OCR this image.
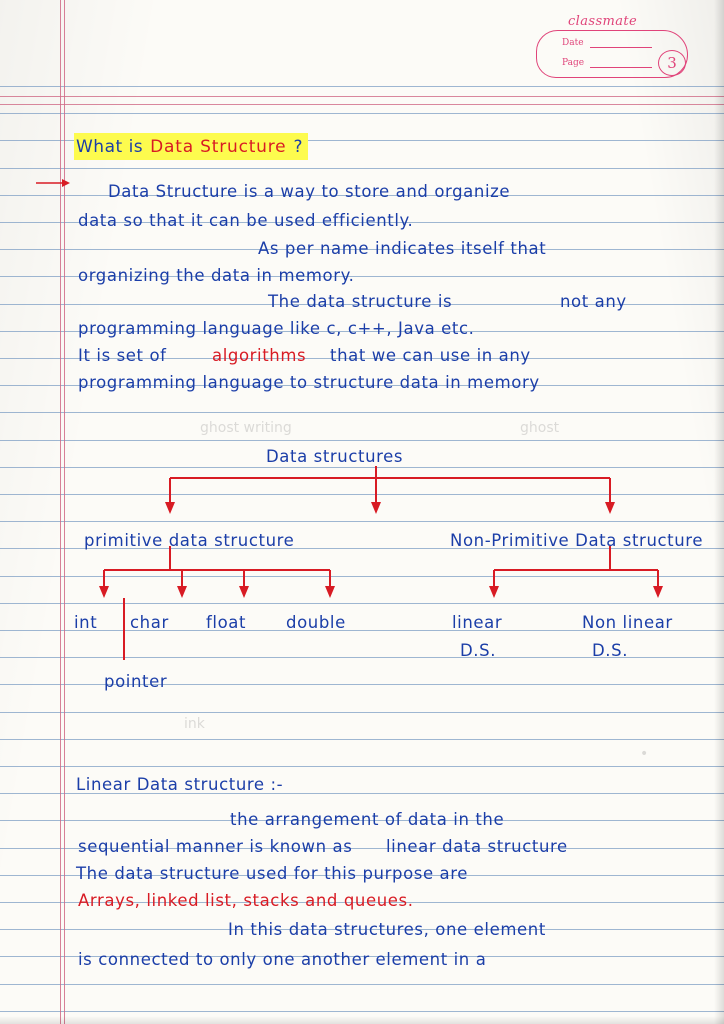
classmate
Date
Page	3
What is Data Structure ?
Data Structure is a way to store and organize
data so that it can be used efficiently.
As per name indicates itself that
organizing the data in memory.
The data structure is	not any
programming language like c, c++, Java etc.
It is set of	algorithms that we can use in any
programming language to structure data in memory
Data structures
primitive data structure	Non-Primitive Data structure
int char float double	linear
D.S.
Non linear
D.S.
pointer
Linear Data structure :-
the arrangement of data in the
sequential manner is known as linear data structure
The data structure used for this purpose are
Arrays, linked list, stacks and queues.
In this data structures, one element
is connected to only one another element in a
ghost writing	ghost
ink
•
